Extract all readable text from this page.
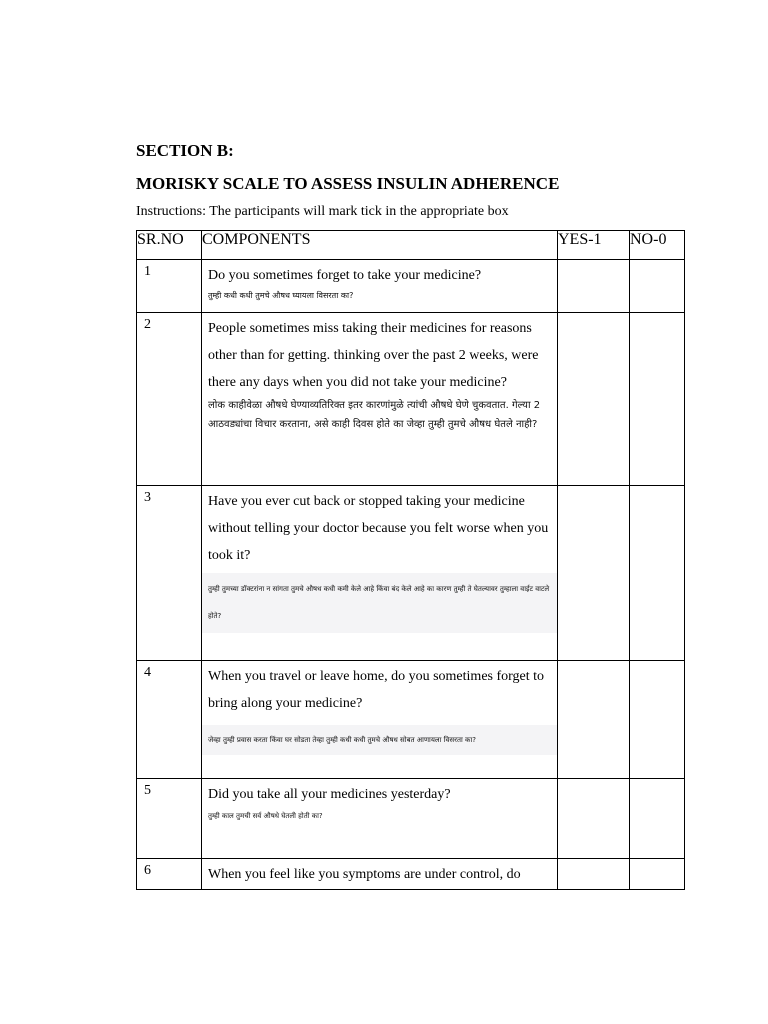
SECTION B:

MORISKY SCALE TO ASSESS INSULIN ADHERENCE

Instructions: The participants will mark tick in the appropriate box
SR.NO	COMPONENTS	YES-1	NO-0
1	Do you sometimes forget to take your medicine?

तुम्ही कधी कधी तुमचे औषध घ्यायला विसरता का?		

2	People sometimes miss taking their medicines for reasons other than for getting. thinking over the past 2 weeks, were there any days when you did not take your medicine?

लोक काहीवेळा औषधे घेण्याव्यतिरिक्त इतर कारणांमुळे त्यांची औषधे घेणे चुकवतात. गेल्या 2 आठवड्यांचा विचार करताना, असे काही दिवस होते का जेव्हा तुम्ही तुमचे औषध घेतले नाही?		

3	Have you ever cut back or stopped taking your medicine without telling your doctor because you felt worse when you took it?

तुम्ही तुमच्या डॉक्टरांना न सांगता तुमचे औषध कधी कमी केले आहे किंवा बंद केले आहे का कारण तुम्ही ते घेतल्यावर तुम्हाला वाईट वाटले होते?		

4	When you travel or leave home, do you sometimes forget to bring along your medicine?

जेव्हा तुम्ही प्रवास करता किंवा घर सोडता तेव्हा तुम्ही कधी कधी तुमचे औषध सोबत आणायला विसरता का?		

5	Did you take all your medicines yesterday?

तुम्ही काल तुमची सर्व औषधे घेतली होती का?		

6	When you feel like you symptoms are under control, do		
